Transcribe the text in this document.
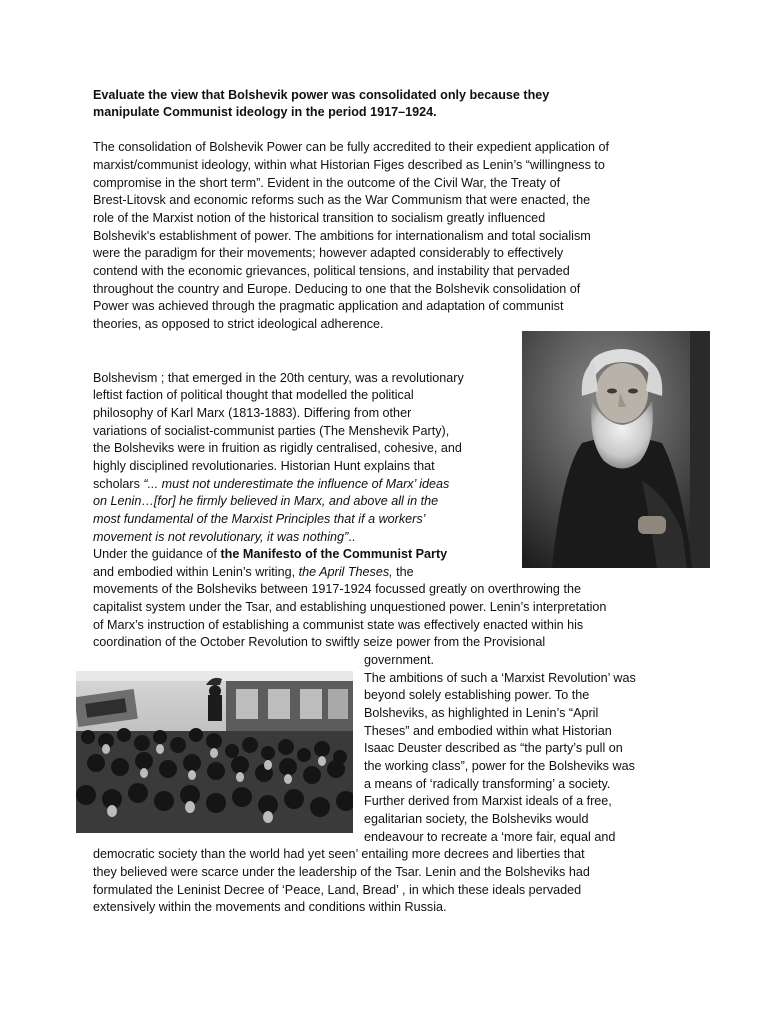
Evaluate the view that Bolshevik power was consolidated only because they

manipulate Communist ideology in the period 1917–1924.

The consolidation of Bolshevik Power can be fully accredited to their expedient application of

marxist/communist ideology, within what Historian Figes described as Lenin’s “willingness to

compromise in the short term”. Evident in the outcome of the Civil War, the Treaty of

Brest-Litovsk and economic reforms such as the War Communism that were enacted, the

role of the Marxist notion of the historical transition to socialism greatly influenced

Bolshevik's establishment of power. The ambitions for internationalism and total socialism

were the paradigm for their movements; however adapted considerably to effectively

contend with the economic grievances, political tensions, and instability that pervaded

throughout the country and Europe. Deducing to one that the Bolshevik consolidation of

Power was achieved through the pragmatic application and adaptation of communist

theories, as opposed to strict ideological adherence.

Bolshevism ; that emerged in the 20th century, was a revolutionary

leftist faction of political thought that modelled the political

philosophy of Karl Marx (1813-1883). Differing from other

variations of socialist-communist parties (The Menshevik Party),

the Bolsheviks were in fruition as rigidly centralised, cohesive, and

highly disciplined revolutionaries. Historian Hunt explains that

scholars “... must not underestimate the influence of Marx’ ideas

on Lenin…[for] he firmly believed in Marx, and above all in the

most fundamental of the Marxist Principles that if a workers’

movement is not revolutionary, it was nothing”..

Under the guidance of the Manifesto of the Communist Party

and embodied within Lenin’s writing, the April Theses, the

movements of the Bolsheviks between 1917-1924 focussed greatly on overthrowing the

capitalist system under the Tsar, and establishing unquestioned power. Lenin’s interpretation

of Marx’s instruction of establishing a communist state was effectively enacted within his

coordination of the October Revolution to swiftly seize power from the Provisional

government.

The ambitions of such a ‘Marxist Revolution’ was

beyond solely establishing power. To the

Bolsheviks, as highlighted in Lenin’s “April

Theses” and embodied within what Historian

Isaac Deuster described as “the party’s pull on

the working class”, power for the Bolsheviks was

a means of ‘radically transforming’ a society.

Further derived from Marxist ideals of a free,

egalitarian society, the Bolsheviks would

endeavour to recreate a ‘more fair, equal and

democratic society than the world had yet seen’ entailing more decrees and liberties that

they believed were scarce under the leadership of the Tsar. Lenin and the Bolsheviks had

formulated the Leninist Decree of ‘Peace, Land, Bread’ , in which these ideals pervaded

extensively within the movements and conditions within Russia.
